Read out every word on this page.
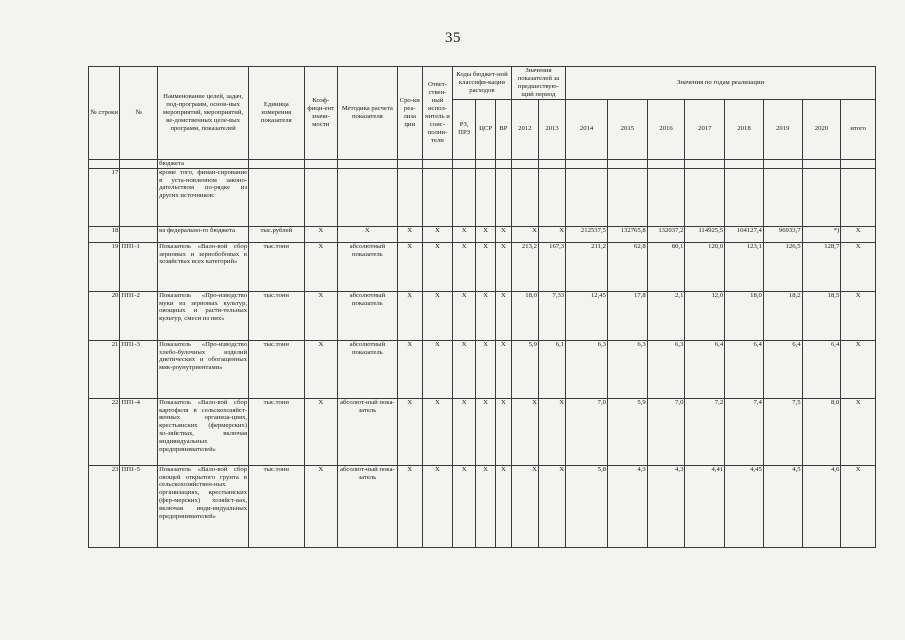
35
№ строки	№	Наименование целей, задач, под-программ, основ-ных мероприятий, мероприятий, ве-домственных целе-вых программ, показателей	Единица измерения показателя	Коэф-фици-ент значи-мости	Методика расчета показателя	Сро-ки реа-лиза ции	Ответ-ствен-ный испол-нитель и соис-полни-тели	Коды бюджет-ной классифи-кации расходов			Значения показателей за предшествую-щий период		Значения по годам реализации							
								РЗ, ПРЗ	ЦСР	ВР	2012	2013	2014	2015	2016	2017	2018	2019	2020	итого
		бюджета																		
17		кроме того, финан-сирование в уста-новленном законо-дательством по-рядке из других источников:																		
18		из федерально-го бюджета	тыс.рублей	X	X	X	X	X	X	X	X	X	212537,5	132765,8	132037,2	114925,5	104127,4	96933,7	*)	X
19	ПП1-1	Показатель «Вало-вой сбор зерновых и зернобобовых в хозяйствах всех категорий»	тыс.тонн	X	абсолютный показатель	X	X	X	X	X	213,2	167,3	211,2	62,8	80,1	120,0	123,1	126,5	128,7	X
20	ПП1-2	Показатель «Про-изводство муки из зерновых культур, овощных и расти-тельных культур, смеси из них»	тыс.тонн	X	абсолютный показатель	X	X	X	X	X	18,0	7,33	12,45	17,8	2,1	12,0	18,0	18,2	18,5	X
21	ПП1-3	Показатель «Про-изводство хлебо-булочных изделий диетических и обогащенных мик-роунутриентами»	тыс.тонн	X	абсолютный показатель	X	X	X	X	X	5,9	6,1	6,3	6,3	6,3	6,4	6,4	6,4	6,4	X
22	ПП1-4	Показатель «Вало-вой сбор картофеля в сельскохозяйст-венных организа-циях, крестьянских (фермерских) хо-зяйствах, включая индивидуальных предпринимателей»	тыс.тонн	X	абсолют-ный пока-затель	X	X	X	X	X	X	X	7,0	5,9	7,0	7,2	7,4	7,5	8,0	X
23	ПП1-5	Показатель «Вало-вой сбор овощей открытого грунта в сельскохозяйствен-ных организациях, крестьянских (фер-мерских) хозяйст-вах, включая инди-видуальных предпринимателей»	тыс.тонн	X	абсолют-ный пока-затель	X	X	X	X	X	X	X	5,8	4,3	4,3	4,41	4,45	4,5	4,6	X
